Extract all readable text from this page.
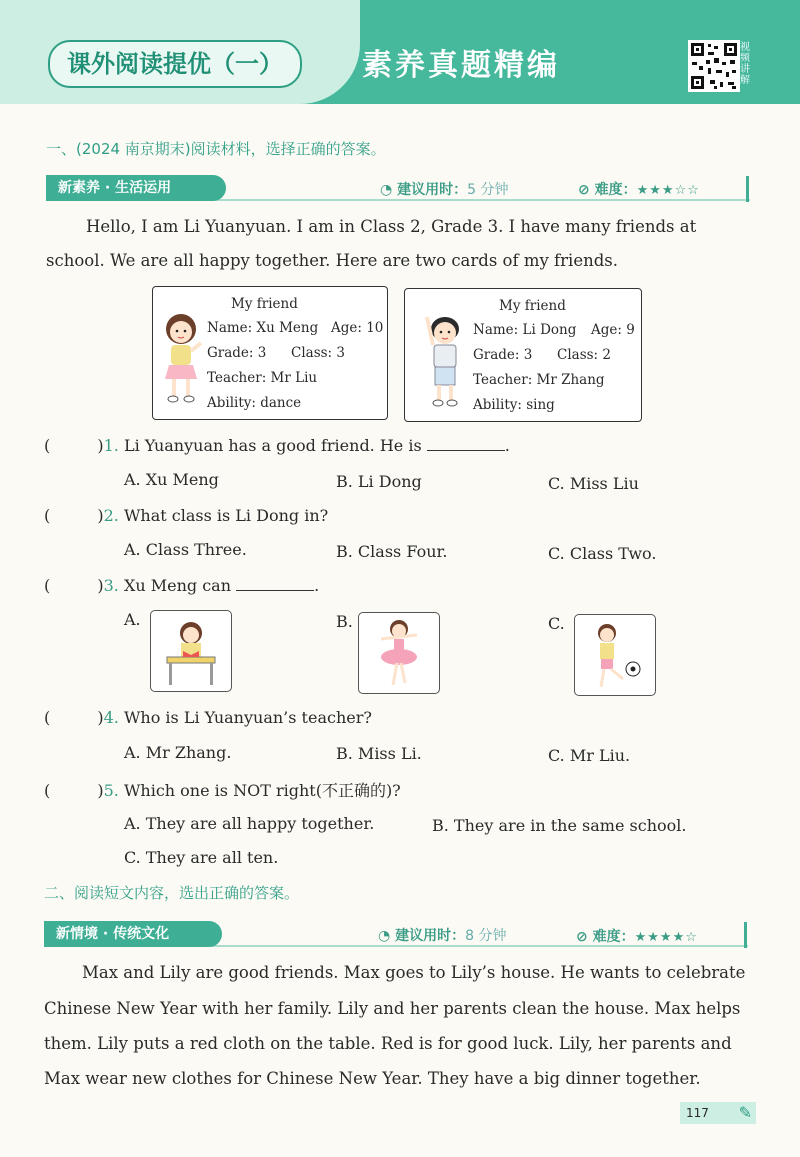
课外阅读提优（一）	素养真题精编
视频讲解
一、(2024 南京期末)阅读材料，选择正确的答案。
新素养 · 生活运用	◔ 建议用时：5 分钟	⊘ 难度：★★★☆☆
Hello, I am Li Yuanyuan. I am in Class 2, Grade 3. I have many friends at
school. We are all happy together. Here are two cards of my friends.
My friend
Name: Xu Meng Age: 10
Grade: 3 Class: 3
Teacher: Mr Liu
Ability: dance
My friend
Name: Li Dong Age: 9
Grade: 3 Class: 2
Teacher: Mr Zhang
Ability: sing
(	)1. Li Yuanyuan has a good friend. He is	.
A. Xu Meng	B. Li Dong	C. Miss Liu
(	)2. What class is Li Dong in?
A. Class Three.	B. Class Four.	C. Class Two.
(	)3. Xu Meng can	.
A.	B.	C.
(	)4. Who is Li Yuanyuan’s teacher?
A. Mr Zhang.	B. Miss Li.	C. Mr Liu.
(	)5. Which one is NOT right(不正确的)?
A. They are all happy together.	B. They are in the same school.
C. They are all ten.
二、阅读短文内容，选出正确的答案。
新情境 · 传统文化	◔ 建议用时：8 分钟	⊘ 难度：★★★★☆
Max and Lily are good friends. Max goes to Lily’s house. He wants to celebrate
Chinese New Year with her family. Lily and her parents clean the house. Max helps
them. Lily puts a red cloth on the table. Red is for good luck. Lily, her parents and
Max wear new clothes for Chinese New Year. They have a big dinner together.
117 ✎
